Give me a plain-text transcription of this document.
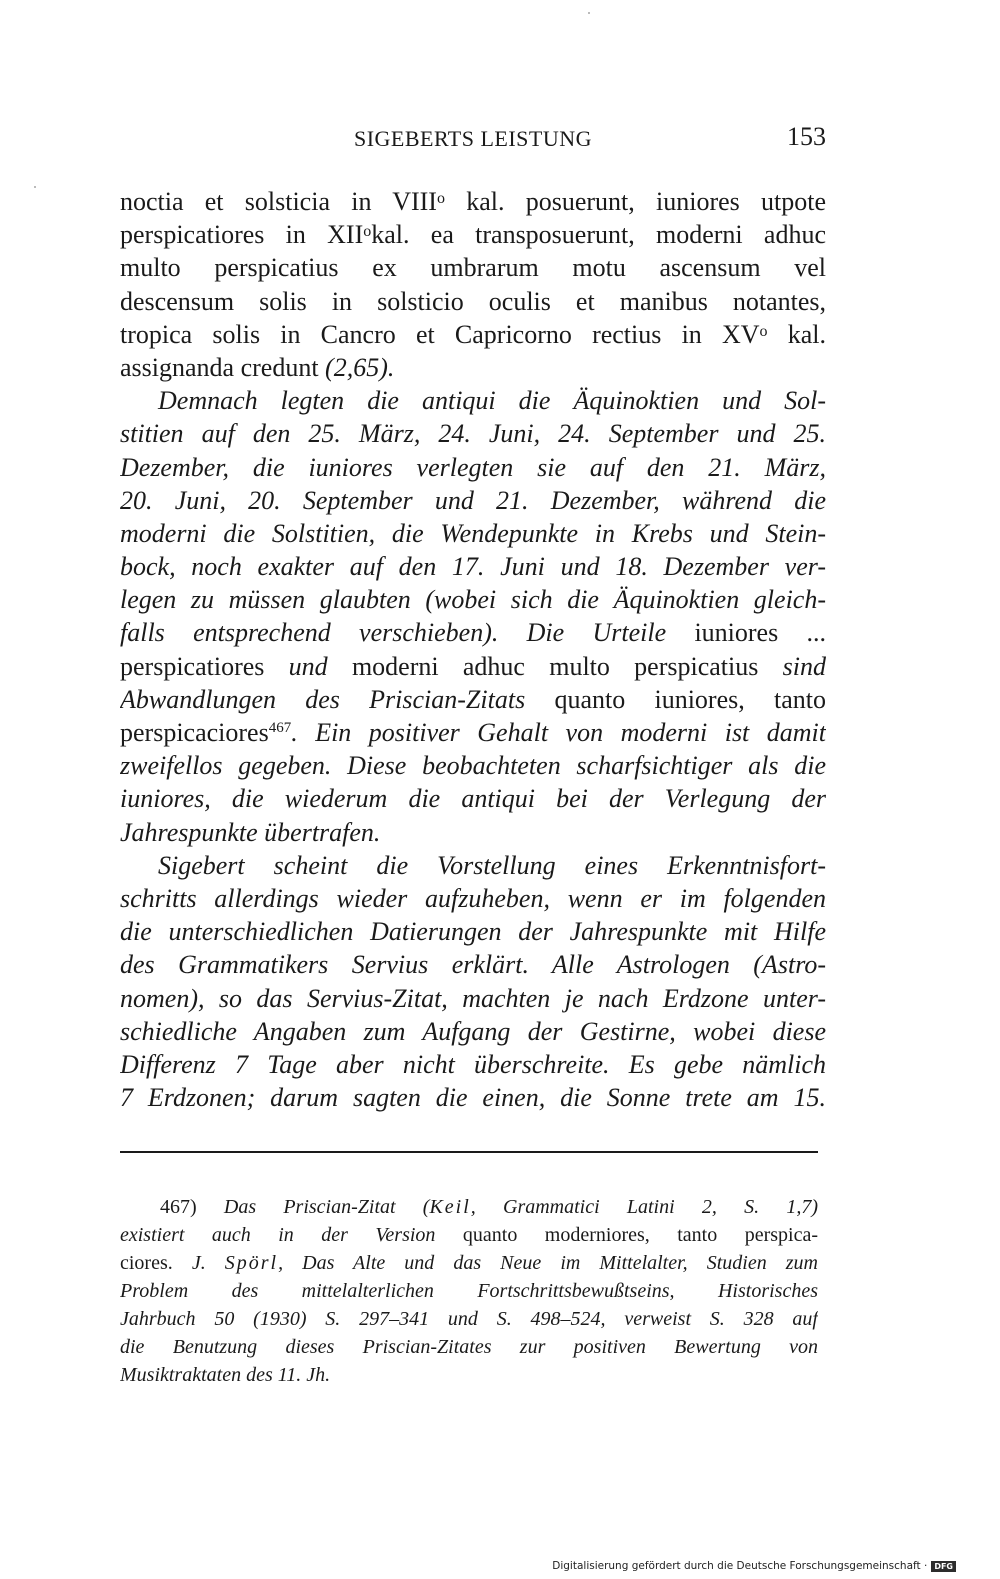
SIGEBERTS LEISTUNG	153
noctia et solsticia in VIII$^o$ kal. posuerunt, iuniores utpote
perspicatiores in XII$^o$kal. ea transposuerunt, moderni adhuc
multo perspicatius ex umbrarum motu ascensum vel
descensum solis in solsticio oculis et manibus notantes,
tropica solis in Cancro et Capricorno rectius in $XV^o$ kal.
assignanda credunt (2,65).
Demnach legten die antiqui die Äquinoktien und Sol-
stitien auf den 25. März, 24. Juni, 24. September und 25.
Dezember, die iuniores verlegten sie auf den 21. März,
20. Juni, 20. September und 21. Dezember, während die
moderni die Solstitien, die Wendepunkte in Krebs und Stein-
bock, noch exakter auf den 17. Juni und 18. Dezember ver-
legen zu müssen glaubten (wobei sich die Äquinoktien gleich-
falls entsprechend verschieben). Die Urteile iuniores ...
perspicatiores und moderni adhuc multo perspicatius sind
Abwandlungen des Priscian-Zitats quanto iuniores, tanto
perspicaciores$^{467}$. Ein positiver Gehalt von moderni ist damit
zweifellos gegeben. Diese beobachteten scharfsichtiger als die
iuniores, die wiederum die antiqui bei der Verlegung der
Jahrespunkte übertrafen.
Sigebert scheint die Vorstellung eines Erkenntnisfort-
schritts allerdings wieder aufzuheben, wenn er im folgenden
die unterschiedlichen Datierungen der Jahrespunkte mit Hilfe
des Grammatikers Servius erklärt. Alle Astrologen (Astro-
nomen), so das Servius-Zitat, machten je nach Erdzone unter-
schiedliche Angaben zum Aufgang der Gestirne, wobei diese
Differenz 7 Tage aber nicht überschreite. Es gebe nämlich
7 Erdzonen; darum sagten die einen, die Sonne trete am 15.
467) Das Priscian-Zitat (Keil, Grammatici Latini 2, S. 1,7)
existiert auch in der Version quanto moderniores, tanto perspica-
ciores. J. Spörl, Das Alte und das Neue im Mittelalter, Studien zum
Problem des mittelalterlichen Fortschrittsbewußtseins, Historisches
Jahrbuch 50 (1930) S. 297–341 und S. 498–524, verweist S. 328 auf
die Benutzung dieses Priscian-Zitates zur positiven Bewertung von
Musiktraktaten des 11. Jh.
Digitalisierung gefördert durch die Deutsche Forschungsgemeinschaft · DFG
